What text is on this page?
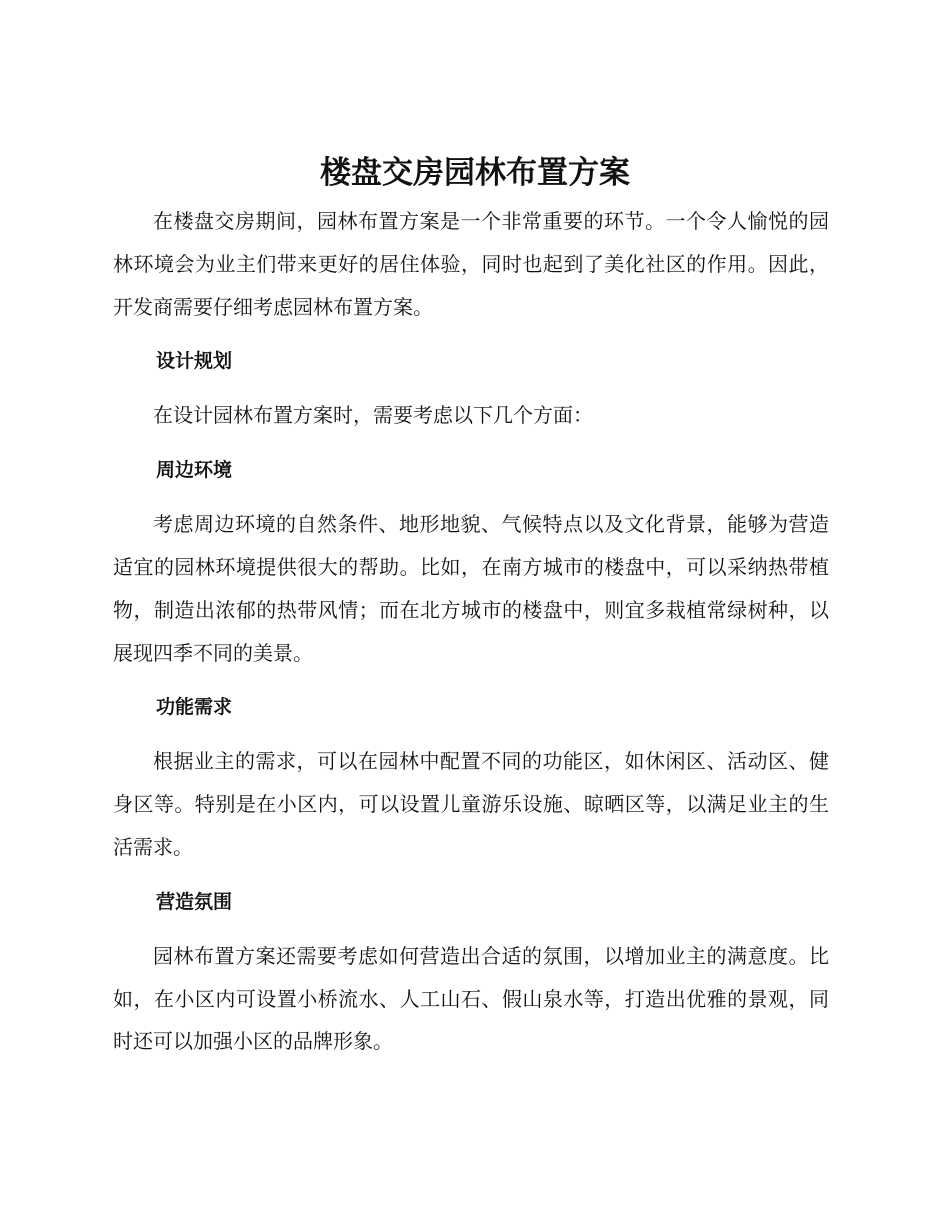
楼盘交房园林布置方案

在楼盘交房期间，园林布置方案是一个非常重要的环节。一个令人愉悦的园林环境会为业主们带来更好的居住体验，同时也起到了美化社区的作用。因此，开发商需要仔细考虑园林布置方案。

设计规划

在设计园林布置方案时，需要考虑以下几个方面：

周边环境

考虑周边环境的自然条件、地形地貌、气候特点以及文化背景，能够为营造适宜的园林环境提供很大的帮助。比如，在南方城市的楼盘中，可以采纳热带植物，制造出浓郁的热带风情；而在北方城市的楼盘中，则宜多栽植常绿树种，以展现四季不同的美景。

功能需求

根据业主的需求，可以在园林中配置不同的功能区，如休闲区、活动区、健身区等。特别是在小区内，可以设置儿童游乐设施、晾晒区等，以满足业主的生活需求。

营造氛围

园林布置方案还需要考虑如何营造出合适的氛围，以增加业主的满意度。比如，在小区内可设置小桥流水、人工山石、假山泉水等，打造出优雅的景观，同时还可以加强小区的品牌形象。
